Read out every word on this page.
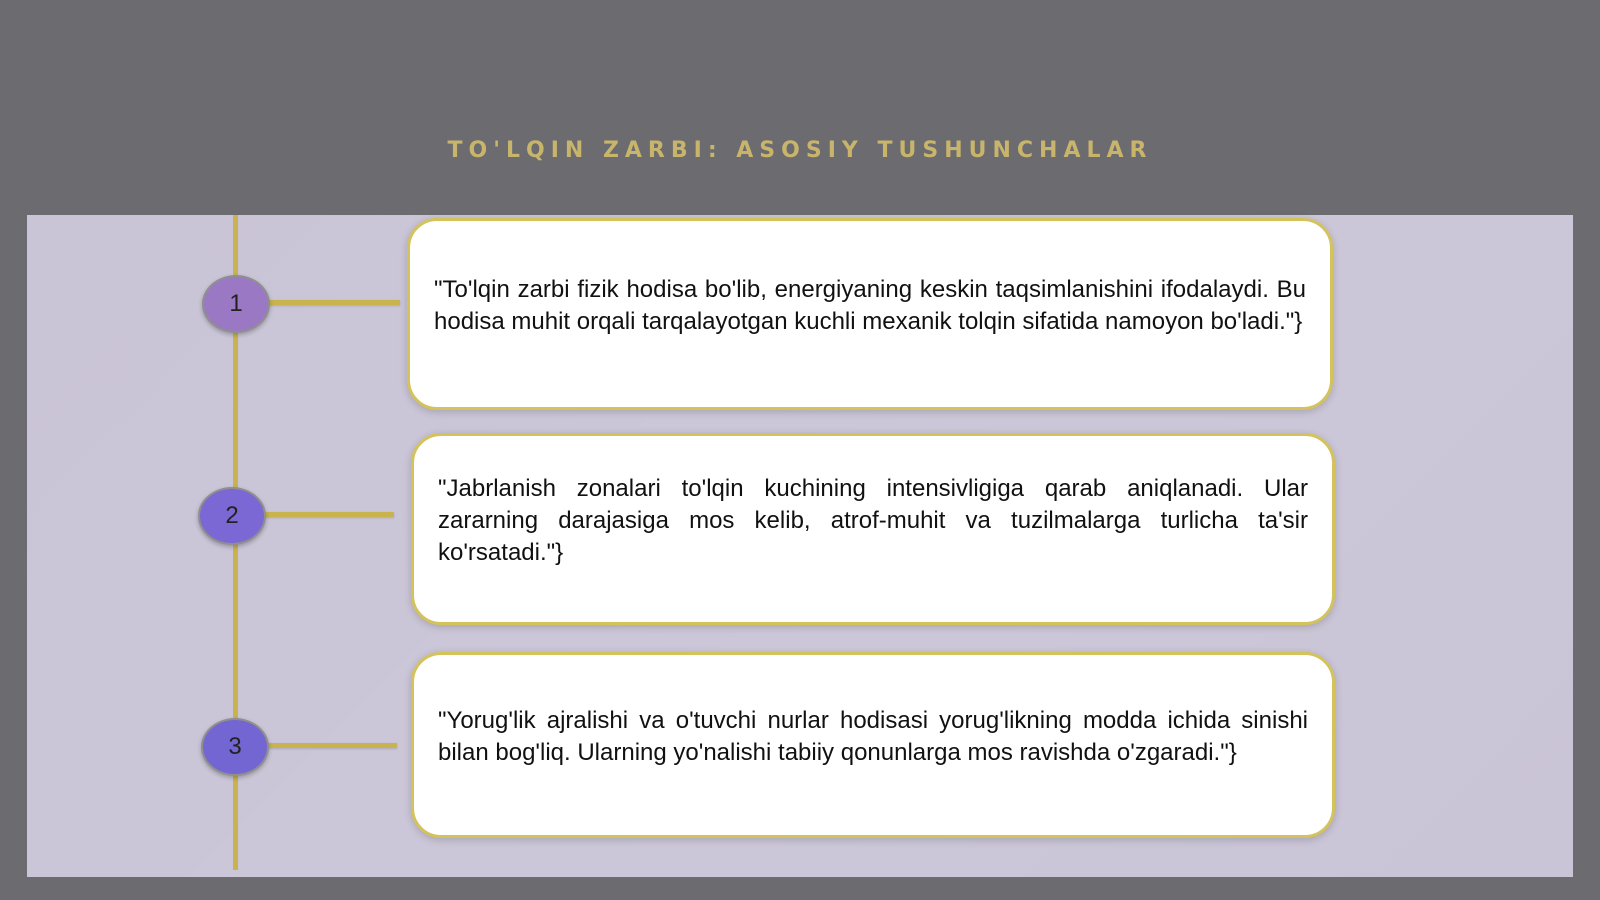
TO'LQIN ZARBI: ASOSIY TUSHUNCHALAR
1
2
3

"To'lqin zarbi fizik hodisa bo'lib, energiyaning keskin taqsimlanishini ifodalaydi. Bu hodisa muhit orqali tarqalayotgan kuchli mexanik tolqin sifatida namoyon bo'ladi."}

"Jabrlanish zonalari to'lqin kuchining intensivligiga qarab aniqlanadi. Ular zararning darajasiga mos kelib, atrof-muhit va tuzilmalarga turlicha ta'sir ko'rsatadi."}

"Yorug'lik ajralishi va o'tuvchi nurlar hodisasi yorug'likning modda ichida sinishi bilan bog'liq. Ularning yo'nalishi tabiiy qonunlarga mos ravishda o'zgaradi."}
